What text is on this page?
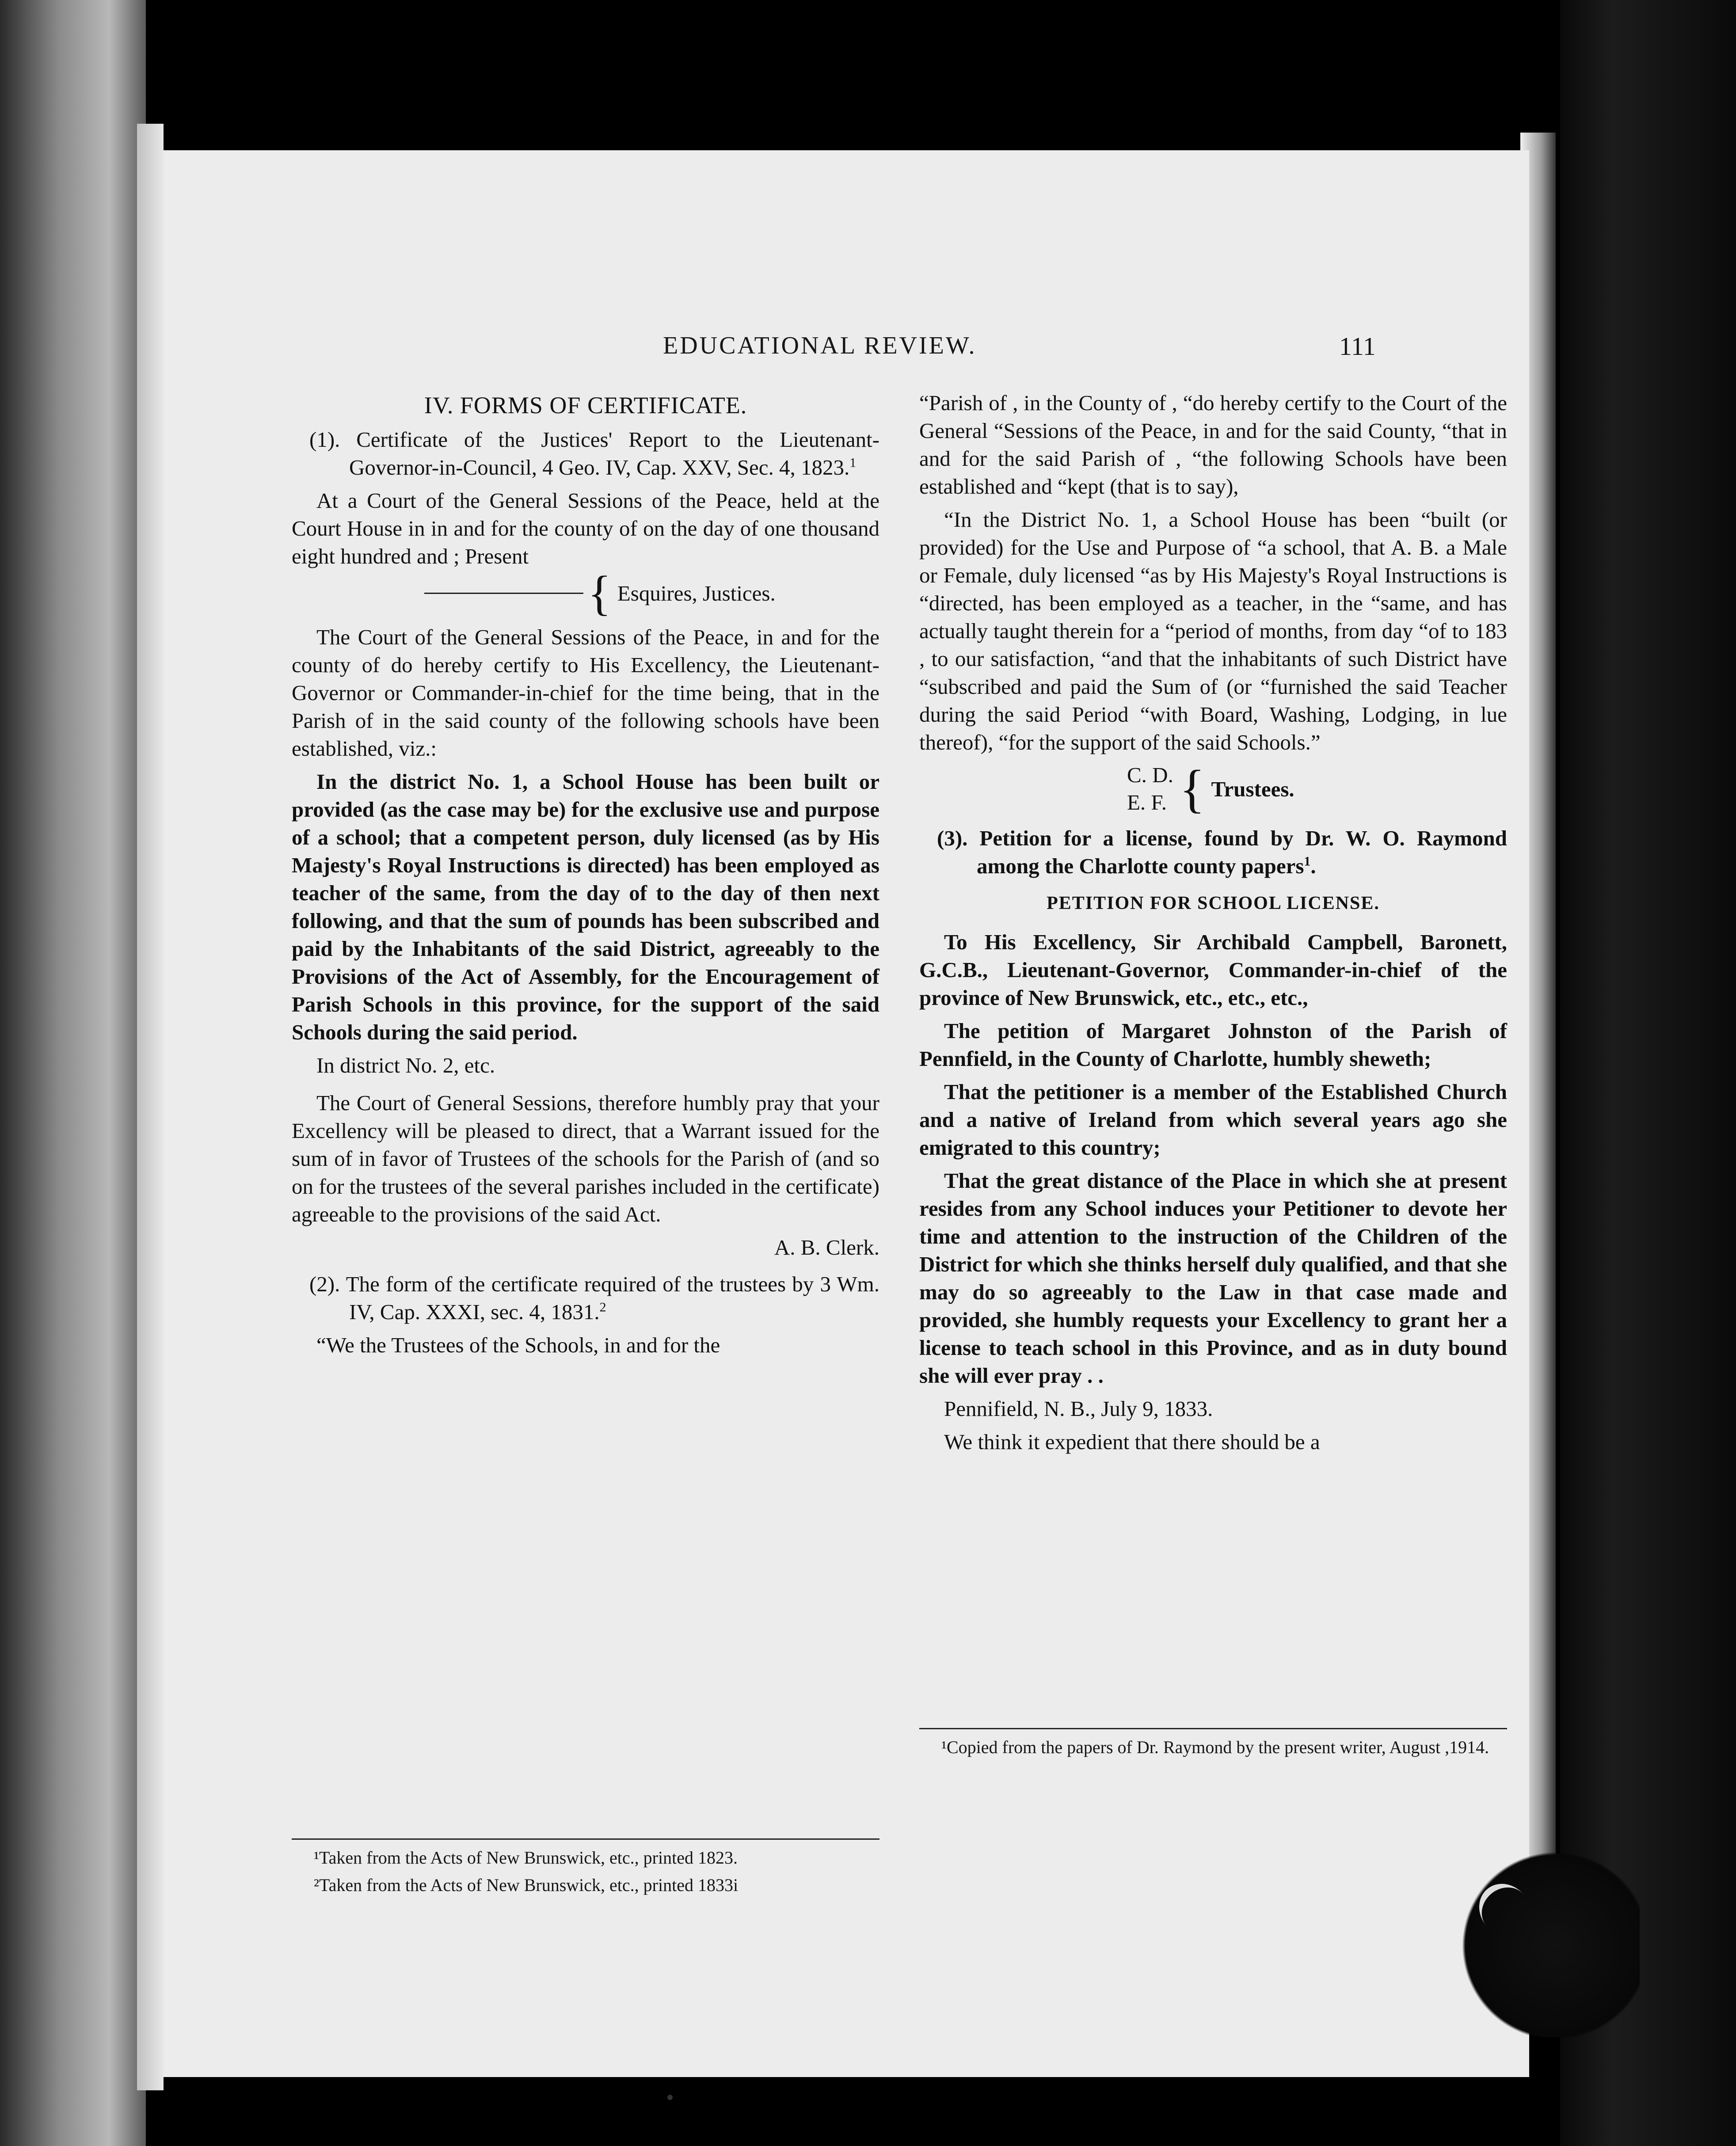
EDUCATIONAL REVIEW.	111

IV. FORMS OF CERTIFICATE.

(1). Certificate of the Justices' Report to the Lieutenant-Governor-in-Council, 4 Geo. IV, Cap. XXV, Sec. 4, 1823.$^1$

At a Court of the General Sessions of the Peace, held at the Court House in in and for the county of on the day of one thousand eight hundred and ; Present

{ Esquires, Justices.

The Court of the General Sessions of the Peace, in and for the county of do hereby certify to His Excellency, the Lieutenant-Governor or Commander-in-chief for the time being, that in the Parish of in the said county of the following schools have been established, viz.:

In the district No. 1, a School House has been built or provided (as the case may be) for the exclusive use and purpose of a school; that a competent person, duly licensed (as by His Majesty's Royal Instructions is directed) has been employed as teacher of the same, from the day of to the day of then next following, and that the sum of pounds has been subscribed and paid by the Inhabitants of the said District, agreeably to the Provisions of the Act of Assembly, for the Encouragement of Parish Schools in this province, for the support of the said Schools during the said period.

In district No. 2, etc.

The Court of General Sessions, therefore humbly pray that your Excellency will be pleased to direct, that a Warrant issued for the sum of in favor of Trustees of the schools for the Parish of (and so on for the trustees of the several parishes included in the certificate) agreeable to the provisions of the said Act.

A. B. Clerk.

(2). The form of the certificate required of the trustees by 3 Wm. IV, Cap. XXXI, sec. 4, 1831.$^2$

“We the Trustees of the Schools, in and for the

¹Taken from the Acts of New Brunswick, etc., printed 1823.

²Taken from the Acts of New Brunswick, etc., printed 1833i

“Parish of , in the County of , “do hereby certify to the Court of the General “Sessions of the Peace, in and for the said County, “that in and for the said Parish of , “the following Schools have been established and “kept (that is to say),

“In the District No. 1, a School House has been “built (or provided) for the Use and Purpose of “a school, that A. B. a Male or Female, duly licensed “as by His Majesty's Royal Instructions is “directed, has been employed as a teacher, in the “same, and has actually taught therein for a “period of months, from day “of to 183 , to our satisfaction, “and that the inhabitants of such District have “subscribed and paid the Sum of (or “furnished the said Teacher during the said Period “with Board, Washing, Lodging, in lue thereof), “for the support of the said Schools.”

C. D.
E. F. { Trustees.

(3). Petition for a license, found by Dr. W. O. Raymond among the Charlotte county papers$^1$.

PETITION FOR SCHOOL LICENSE.

To His Excellency, Sir Archibald Campbell, Baronett, G.C.B., Lieutenant-Governor, Commander-in-chief of the province of New Brunswick, etc., etc., etc.,

The petition of Margaret Johnston of the Parish of Pennfield, in the County of Charlotte, humbly sheweth;

That the petitioner is a member of the Established Church and a native of Ireland from which several years ago she emigrated to this country;

That the great distance of the Place in which she at present resides from any School induces your Petitioner to devote her time and attention to the instruction of the Children of the District for which she thinks herself duly qualified, and that she may do so agreeably to the Law in that case made and provided, she humbly requests your Excellency to grant her a license to teach school in this Province, and as in duty bound she will ever pray . .

Pennifield, N. B., July 9, 1833.

We think it expedient that there should be a

¹Copied from the papers of Dr. Raymond by the present writer, August ,1914.
